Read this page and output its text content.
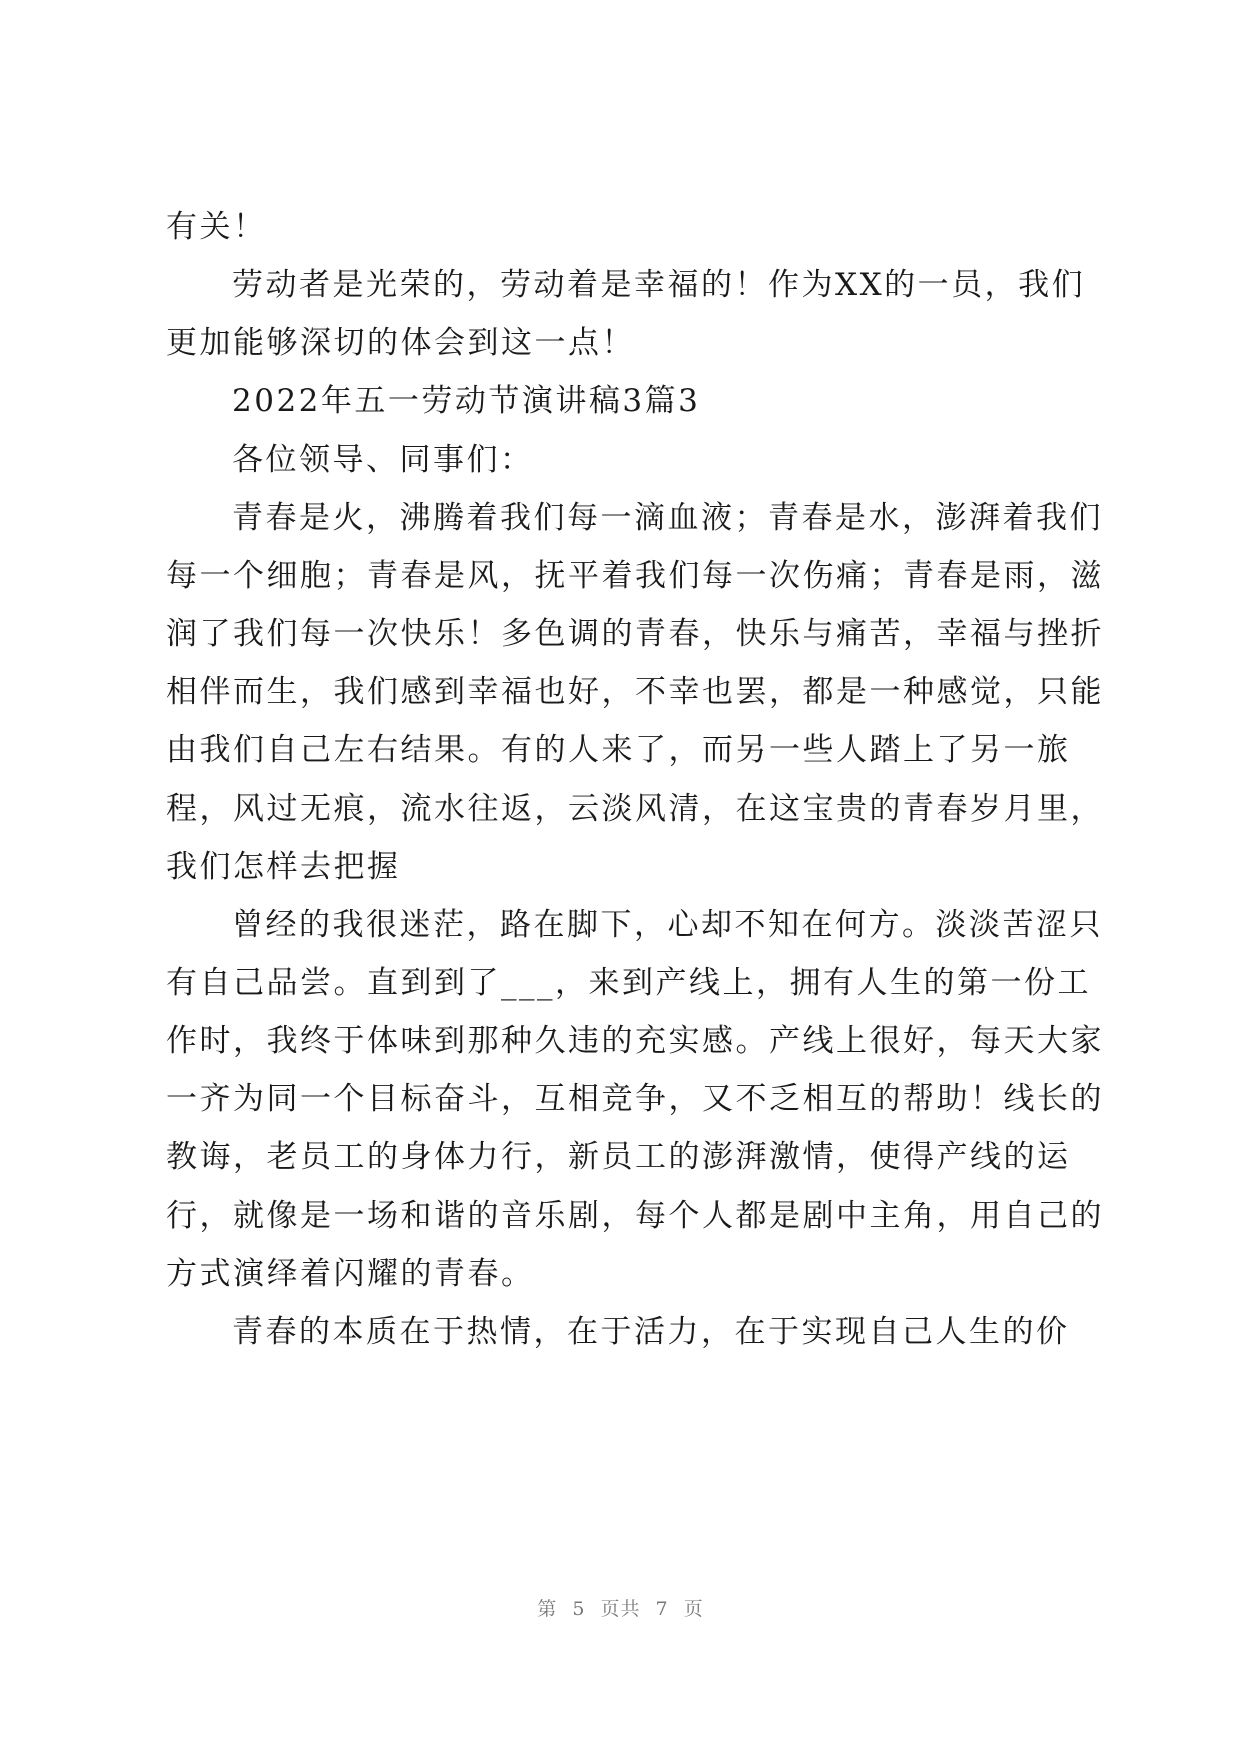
有关！
劳动者是光荣的，劳动着是幸福的！作为XX的一员，我们
更加能够深切的体会到这一点！
2022年五一劳动节演讲稿3篇3
各位领导、同事们：
青春是火，沸腾着我们每一滴血液；青春是水，澎湃着我们
每一个细胞；青春是风，抚平着我们每一次伤痛；青春是雨，滋
润了我们每一次快乐！多色调的青春，快乐与痛苦，幸福与挫折
相伴而生，我们感到幸福也好，不幸也罢，都是一种感觉，只能
由我们自己左右结果。有的人来了，而另一些人踏上了另一旅
程，风过无痕，流水往返，云淡风清，在这宝贵的青春岁月里，
我们怎样去把握
曾经的我很迷茫，路在脚下，心却不知在何方。淡淡苦涩只
有自己品尝。直到到了___，来到产线上，拥有人生的第一份工
作时，我终于体味到那种久违的充实感。产线上很好，每天大家
一齐为同一个目标奋斗，互相竞争，又不乏相互的帮助！线长的
教诲，老员工的身体力行，新员工的澎湃激情，使得产线的运
行，就像是一场和谐的音乐剧，每个人都是剧中主角，用自己的
方式演绎着闪耀的青春。
青春的本质在于热情，在于活力，在于实现自己人生的价
第 5 页共 7 页
